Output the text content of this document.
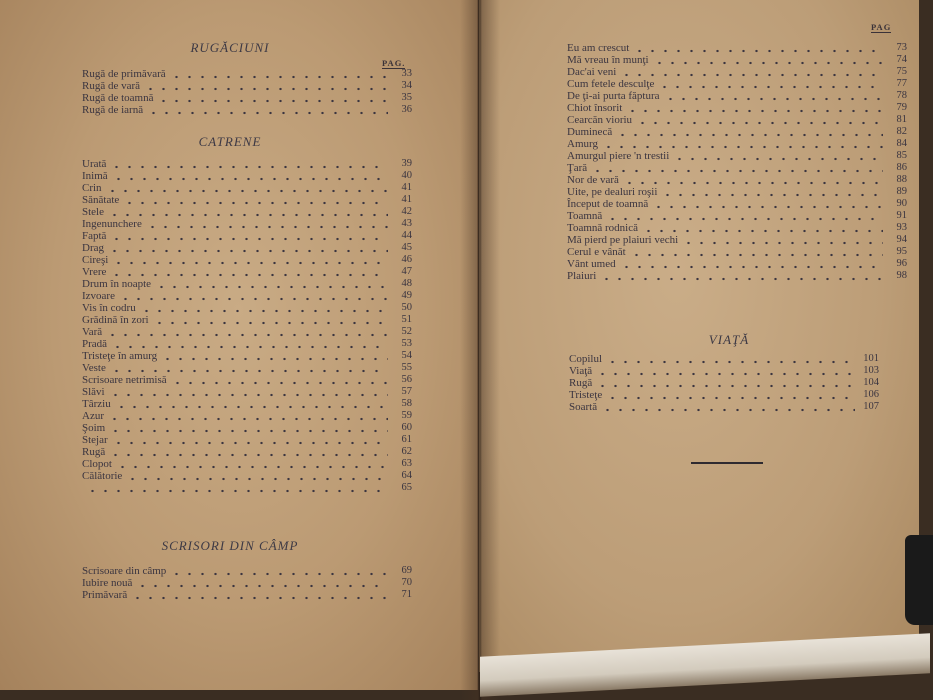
RUGĂCIUNI
PAG.
Rugă de primăvară	33
Rugă de vară	34
Rugă de toamnă	35
Rugă de iarnă	36
CATRENE
Urată	39
Inimă	40
Crin	41
Sănătate	41
Stele	42
Ingenunchere	43
Faptă	44
Drag	45
Cireşi	46
Vrere	47
Drum în noapte	48
Izvoare	49
Vis în codru	50
Grădină în zori	51
Vară	52
Pradă	53
Tristeţe în amurg	54
Veste	55
Scrisoare netrimisă	56
Slăvi	57
Târziu	58
Azur	59
Şoim	60
Stejar	61
Rugă	62
Clopot	63
Călătorie	64
65
SCRISORI DIN CÂMP
Scrisoare din câmp	69
Iubire nouă	70
Primăvară	71
PAG
Eu am crescut	73
Mă vreau în munţi	74
Dac'ai veni	75
Cum fetele desculţe	77
De ţi-ai purta făptura	78
Chiot însorit	79
Cearcăn vioriu	81
Duminecă	82
Amurg	84
Amurgul piere 'n trestii	85
Ţară	86
Nor de vară	88
Uite, pe dealuri roşii	89
Început de toamnă	90
Toamnă	91
Toamnă rodnică	93
Mă pierd pe plaiuri vechi	94
Cerul e vânăt	95
Vânt umed	96
Plaiuri	98
VIAŢĂ
Copilul	101
Viaţă	103
Rugă	104
Tristeţe	106
Soartă	107
